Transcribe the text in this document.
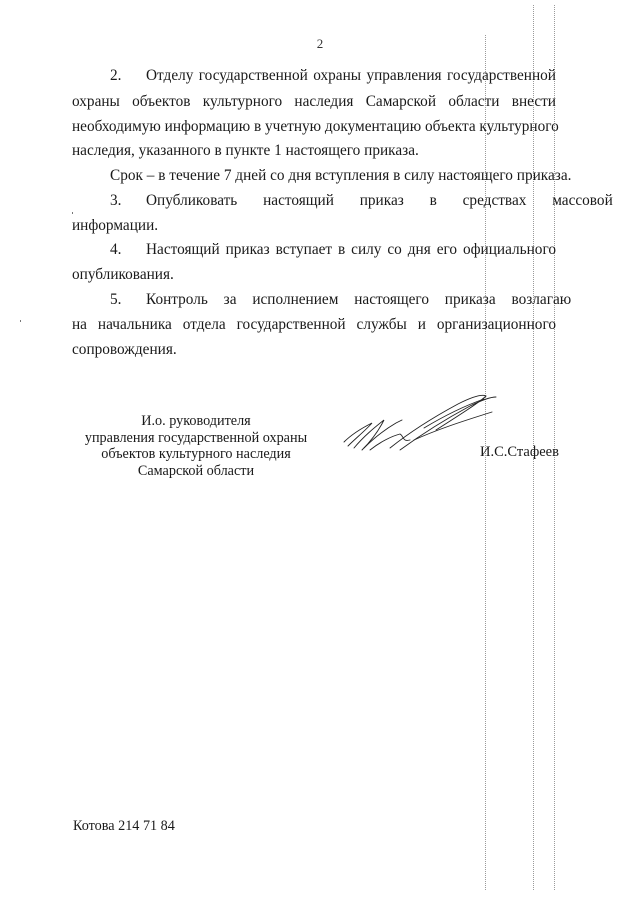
2
2. Отделу государственной охраны управления государственной
охраны объектов культурного наследия Самарской области внести
необходимую информацию в учетную документацию объекта культурного
наследия, указанного в пункте 1 настоящего приказа.
Срок – в течение 7 дней со дня вступления в силу настоящего приказа.
3. Опубликовать настоящий приказ в средствах массовой
информации.
4. Настоящий приказ вступает в силу со дня его официального
опубликования.
5. Контроль за исполнением настоящего приказа возлагаю
на начальника отдела государственной службы и организационного
сопровождения.
И.о. руководителя
управления государственной охраны
объектов культурного наследия
Самарской области
И.С.Стафеев
Котова 214 71 84
